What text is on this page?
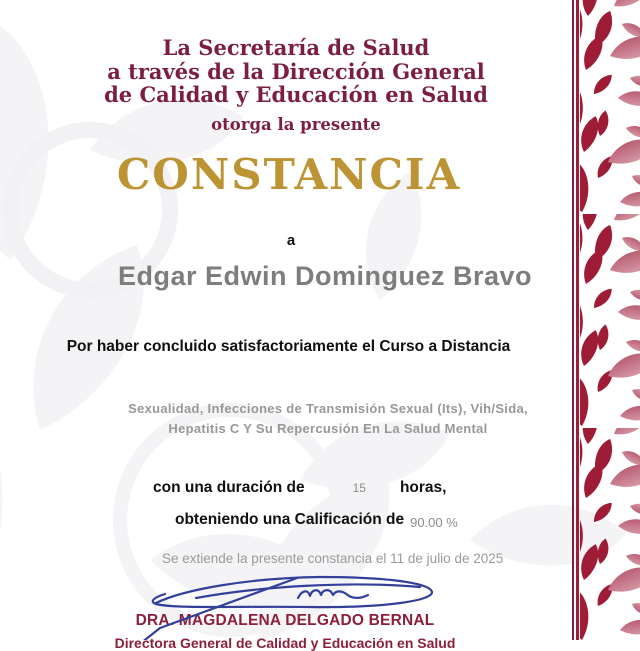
La Secretaría de Salud
a través de la Dirección General
de Calidad y Educación en Salud
otorga la presente
CONSTANCIA
a
Edgar Edwin Dominguez Bravo
Por haber concluido satisfactoriamente el Curso a Distancia
Sexualidad, Infecciones de Transmisión Sexual (Its), Vih/Sida,
Hepatitis C Y Su Repercusión En La Salud Mental
con una duración de	15 horas,
obteniendo una Calificación de 90.00 %
Se extiende la presente constancia el 11 de julio de 2025
DRA. MAGDALENA DELGADO BERNAL
Directora General de Calidad y Educación en Salud
